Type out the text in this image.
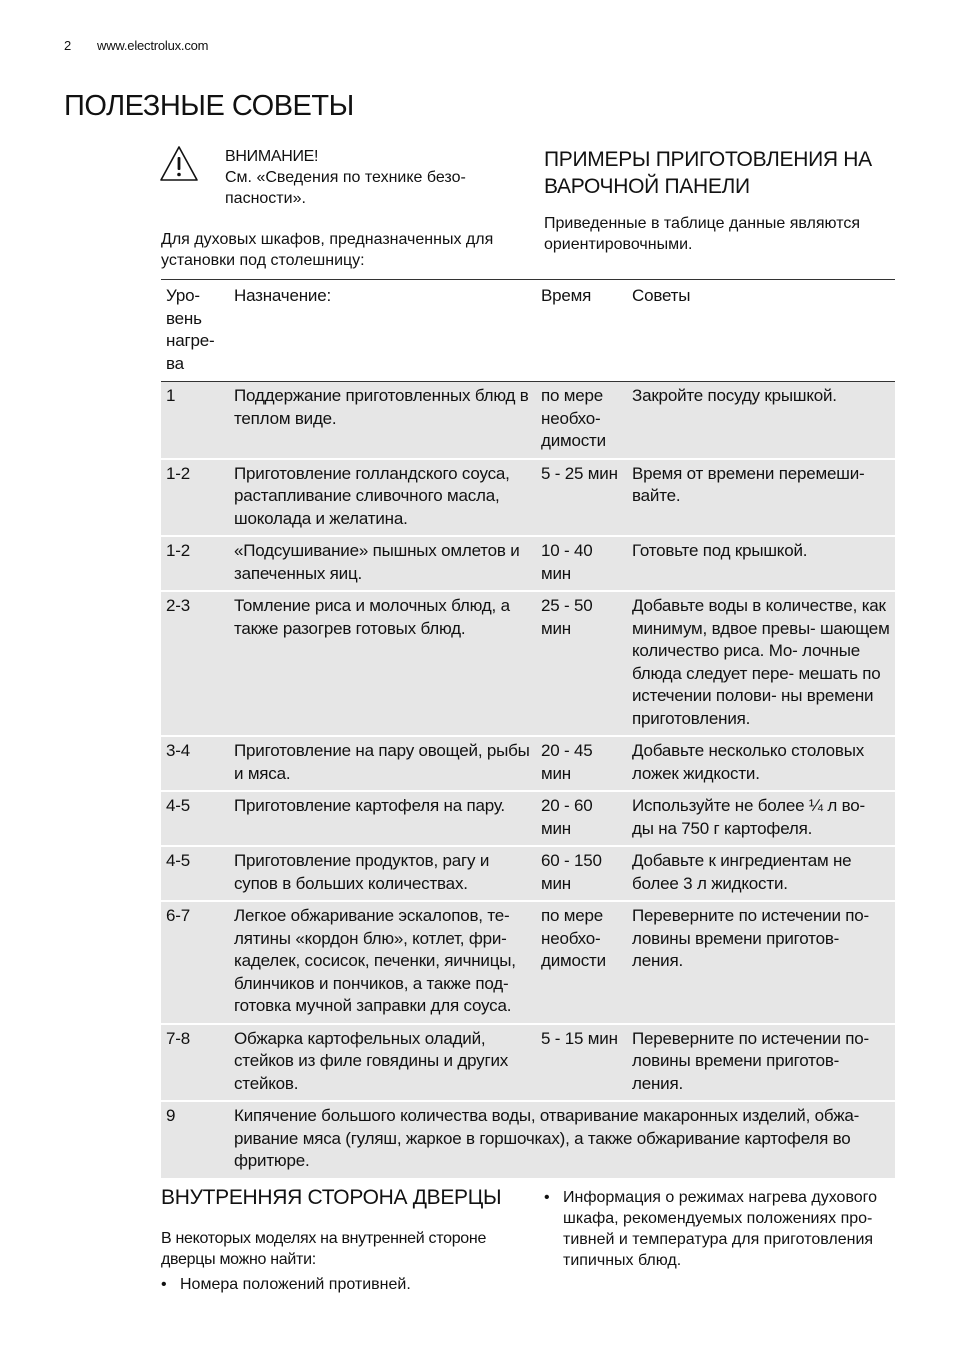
2 www.electrolux.com
ПОЛЕЗНЫЕ СОВЕТЫ
ВНИМАНИЕ!
См. «Сведения по технике безо- пасности».
Для духовых шкафов, предназначенных для установки под столешницу:
ПРИМЕРЫ ПРИГОТОВЛЕНИЯ НА ВАРОЧНОЙ ПАНЕЛИ
Приведенные в таблице данные являются ориентировочными.
Уро- вень нагре- ва	Назначение:	Время	Советы
1	Поддержание приготовленных блюд в теплом виде.	по мере необхо- димости	Закройте посуду крышкой.
1-2	Приготовление голландского соуса, растапливание сливочного масла, шоколада и желатина.	5 - 25 мин	Время от времени перемеши- вайте.
1-2	«Подсушивание» пышных омлетов и запеченных яиц.	10 - 40 мин	Готовьте под крышкой.
2-3	Томление риса и молочных блюд, а также разогрев готовых блюд.	25 - 50 мин	Добавьте воды в количестве, как минимум, вдвое превы- шающем количество риса. Мо- лочные блюда следует пере- мешать по истечении полови- ны времени приготовления.
3-4	Приготовление на пару овощей, рыбы и мяса.	20 - 45 мин	Добавьте несколько столовых ложек жидкости.
4-5	Приготовление картофеля на пару.	20 - 60 мин	Используйте не более ¼ л во- ды на 750 г картофеля.
4-5	Приготовление продуктов, рагу и супов в больших количествах.	60 - 150 мин	Добавьте к ингредиентам не более 3 л жидкости.
6-7	Легкое обжаривание эскалопов, те- лятины «кордон блю», котлет, фри- каделек, сосисок, печенки, яичницы, блинчиков и пончиков, а также под- готовка мучной заправки для соуса.	по мере необхо- димости	Переверните по истечении по- ловины времени приготов- ления.
7-8	Обжарка картофельных оладий, стейков из филе говядины и других стейков.	5 - 15 мин	Переверните по истечении по- ловины времени приготов- ления.
9	Кипячение большого количества воды, отваривание макаронных изделий, обжа- ривание мяса (гуляш, жаркое в горшочках), а также обжаривание картофеля во фритюре.		
ВНУТРЕННЯЯ СТОРОНА ДВЕРЦЫ
В некоторых моделях на внутренней стороне дверцы можно найти:
• Номера положений противней.
• Информация о режимах нагрева духового шкафа, рекомендуемых положениях про- тивней и температура для приготовления типичных блюд.
